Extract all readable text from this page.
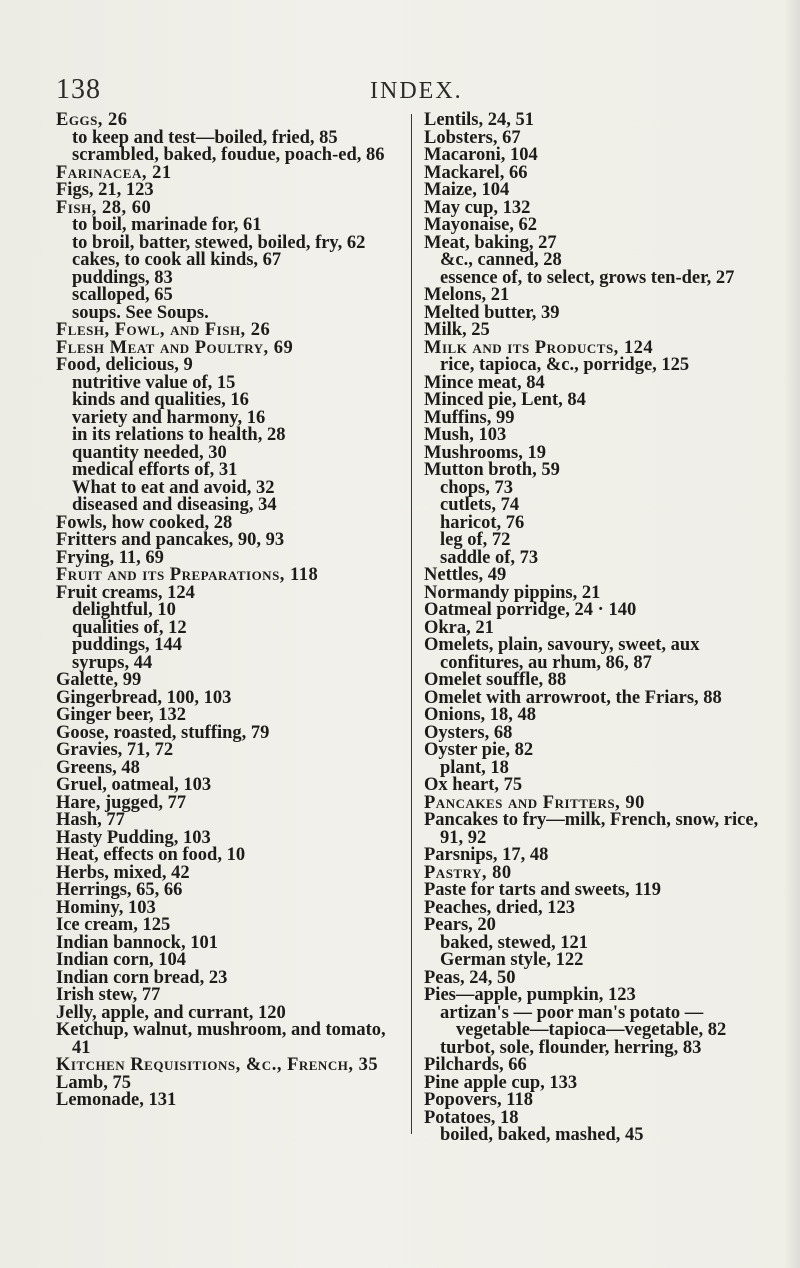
138	INDEX.

Eggs, 26

to keep and test—boiled, fried, 85

scrambled, baked, foudue, poach-ed, 86

Farinacea, 21

Figs, 21, 123

Fish, 28, 60

to boil, marinade for, 61

to broil, batter, stewed, boiled, fry, 62

cakes, to cook all kinds, 67

puddings, 83

scalloped, 65

soups. See Soups.

Flesh, Fowl, and Fish, 26

Flesh Meat and Poultry, 69

Food, delicious, 9

nutritive value of, 15

kinds and qualities, 16

variety and harmony, 16

in its relations to health, 28

quantity needed, 30

medical efforts of, 31

What to eat and avoid, 32

diseased and diseasing, 34

Fowls, how cooked, 28

Fritters and pancakes, 90, 93

Frying, 11, 69

Fruit and its Preparations, 118

Fruit creams, 124

delightful, 10

qualities of, 12

puddings, 144

syrups, 44

Galette, 99

Gingerbread, 100, 103

Ginger beer, 132

Goose, roasted, stuffing, 79

Gravies, 71, 72

Greens, 48

Gruel, oatmeal, 103

Hare, jugged, 77

Hash, 77

Hasty Pudding, 103

Heat, effects on food, 10

Herbs, mixed, 42

Herrings, 65, 66

Hominy, 103

Ice cream, 125

Indian bannock, 101

Indian corn, 104

Indian corn bread, 23

Irish stew, 77

Jelly, apple, and currant, 120

Ketchup, walnut, mushroom, and tomato, 41

Kitchen Requisitions, &c., French, 35

Lamb, 75

Lemonade, 131

Lentils, 24, 51

Lobsters, 67

Macaroni, 104

Mackarel, 66

Maize, 104

May cup, 132

Mayonaise, 62

Meat, baking, 27

&c., canned, 28

essence of, to select, grows ten-der, 27

Melons, 21

Melted butter, 39

Milk, 25

Milk and its Products, 124

rice, tapioca, &c., porridge, 125

Mince meat, 84

Minced pie, Lent, 84

Muffins, 99

Mush, 103

Mushrooms, 19

Mutton broth, 59

chops, 73

cutlets, 74

haricot, 76

leg of, 72

saddle of, 73

Nettles, 49

Normandy pippins, 21

Oatmeal porridge, 24 · 140

Okra, 21

Omelets, plain, savoury, sweet, aux confitures, au rhum, 86, 87

Omelet souffle, 88

Omelet with arrowroot, the Friars, 88

Onions, 18, 48

Oysters, 68

Oyster pie, 82

plant, 18

Ox heart, 75

Pancakes and Fritters, 90

Pancakes to fry—milk, French, snow, rice, 91, 92

Parsnips, 17, 48

Pastry, 80

Paste for tarts and sweets, 119

Peaches, dried, 123

Pears, 20

baked, stewed, 121

German style, 122

Peas, 24, 50

Pies—apple, pumpkin, 123

artizan's — poor man's potato — vegetable—tapioca—vegetable, 82

turbot, sole, flounder, herring, 83

Pilchards, 66

Pine apple cup, 133

Popovers, 118

Potatoes, 18

boiled, baked, mashed, 45
